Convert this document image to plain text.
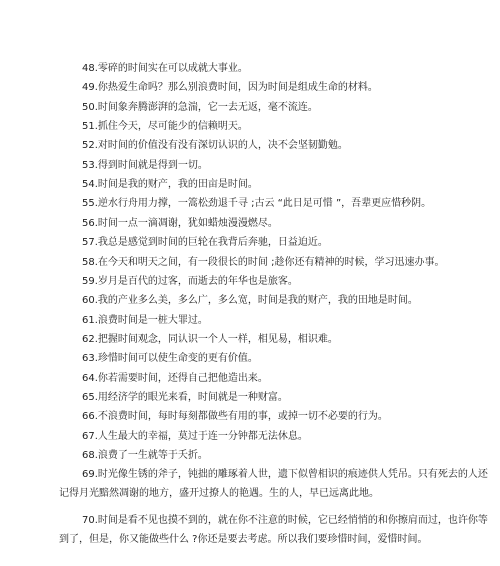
48.零碎的时间实在可以成就大事业。
49.你热爱生命吗？那么别浪费时间，因为时间是组成生命的材料。
50.时间象奔腾澎湃的急湍，它一去无返，毫不流连。
51.抓住今天，尽可能少的信赖明天。
52.对时间的价值没有没有深切认识的人，决不会坚韧勤勉。
53.得到时间就是得到一切。
54.时间是我的财产，我的田亩是时间。
55.逆水行舟用力撑，一篙松劲退千寻 ;古云 “此日足可惜 ”，吾辈更应惜秒阴。
56.时间一点一滴凋谢，犹如蜡烛漫漫燃尽。
57.我总是感觉到时间的巨轮在我背后奔驰，日益迫近。
58.在今天和明天之间，有一段很长的时间 ;趁你还有精神的时候，学习迅速办事。
59.岁月是百代的过客，而逝去的年华也是旅客。
60.我的产业多么美，多么广，多么宽，时间是我的财产，我的田地是时间。
61.浪费时间是一桩大罪过。
62.把握时间观念，同认识一个人一样，相见易，相识难。
63.珍惜时间可以使生命变的更有价值。
64.你若需要时间，还得自己把他造出来。
65.用经济学的眼光来看，时间就是一种财富。
66.不浪费时间，每时每刻都做些有用的事，或掉一切不必要的行为。
67.人生最大的幸福，莫过于连一分钟都无法休息。
68.浪费了一生就等于夭折。
69.时光像生锈的斧子，钝拙的雕琢着人世，遗下似曾相识的痕迹供人凭吊。只有死去的人还记得月光黯然凋谢的地方，盛开过撩人的艳遇。生的人，早已远离此地。
70.时间是看不见也摸不到的，就在你不注意的时候，它已经悄悄的和你擦肩而过，也许你等到了，但是，你又能做些什么 ?你还是要去考虑。所以我们要珍惜时间，爱惜时间。
